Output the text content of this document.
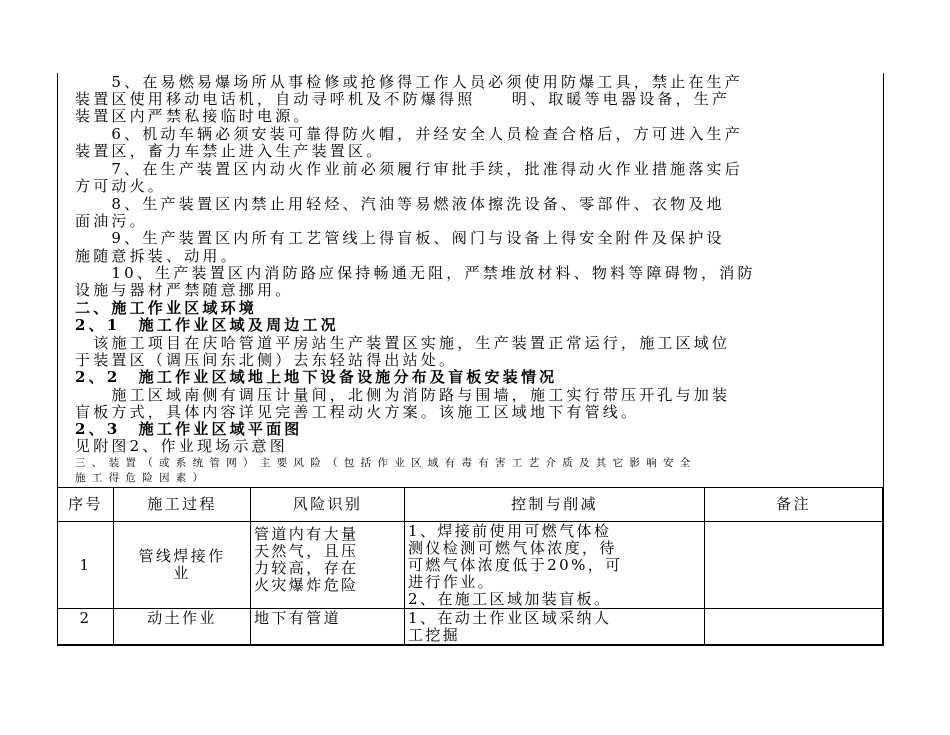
　　5、在易燃易爆场所从事检修或抢修得工作人员必须使用防爆工具，禁止在生产
装置区使用移动电话机，自动寻呼机及不防爆得照　　明、取暖等电器设备，生产
装置区内严禁私接临时电源。
　　6、机动车辆必须安装可靠得防火帽，并经安全人员检查合格后，方可进入生产
装置区，畜力车禁止进入生产装置区。
　　7、在生产装置区内动火作业前必须履行审批手续，批准得动火作业措施落实后
方可动火。
　　8、生产装置区内禁止用轻烃、汽油等易燃液体擦洗设备、零部件、衣物及地
面油污。
　　9、生产装置区内所有工艺管线上得盲板、阀门与设备上得安全附件及保护设
施随意拆装、动用。
　　10、生产装置区内消防路应保持畅通无阻，严禁堆放材料、物料等障碍物，消防
设施与器材严禁随意挪用。
二、施工作业区域环境
2、1　施工作业区域及周边工况
　该施工项目在庆哈管道平房站生产装置区实施，生产装置正常运行，施工区域位
于装置区（调压间东北侧）去东轻站得出站处。
2、2　施工作业区域地上地下设备设施分布及盲板安装情况
　　施工区域南侧有调压计量间，北侧为消防路与围墙，施工实行带压开孔与加装
盲板方式，具体内容详见完善工程动火方案。该施工区域地下有管线。
2、3　施工作业区域平面图
见附图2、作业现场示意图
三、装置（或系统管网）主要风险（包括作业区域有毒有害工艺介质及其它影响安全
施工得危险因素）
序号	施工过程	风险识别	控制与削减	备注
1	管线焊接作
业	管道内有大量
天然气，且压
力较高，存在
火灾爆炸危险	1、焊接前使用可燃气体检
测仪检测可燃气体浓度，待
可燃气体浓度低于20%，可
进行作业。
2、在施工区域加装盲板。	

2	动土作业	地下有管道	1、在动土作业区域采纳人
工挖掘	
